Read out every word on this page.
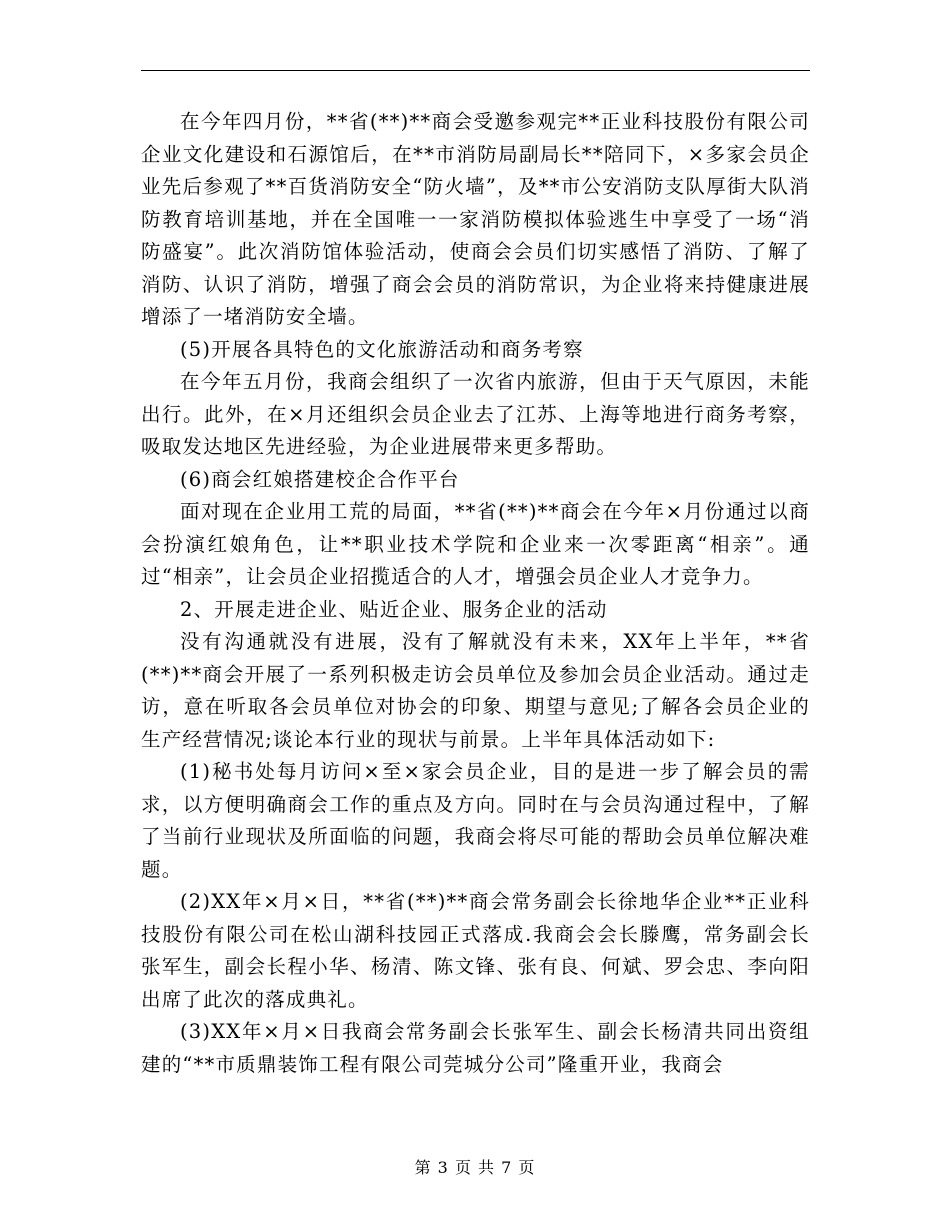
在今年四月份，**省(**)**商会受邀参观完**正业科技股份有限公司企业文化建设和石源馆后，在**市消防局副局长**陪同下，×多家会员企业先后参观了**百货消防安全“防火墙”，及**市公安消防支队厚街大队消防教育培训基地，并在全国唯一一家消防模拟体验逃生中享受了一场“消防盛宴”。此次消防馆体验活动，使商会会员们切实感悟了消防、了解了消防、认识了消防，增强了商会会员的消防常识，为企业将来持健康进展增添了一堵消防安全墙。

(5)开展各具特色的文化旅游活动和商务考察

在今年五月份，我商会组织了一次省内旅游，但由于天气原因，未能出行。此外，在×月还组织会员企业去了江苏、上海等地进行商务考察，吸取发达地区先进经验，为企业进展带来更多帮助。

(6)商会红娘搭建校企合作平台

面对现在企业用工荒的局面，**省(**)**商会在今年×月份通过以商会扮演红娘角色，让**职业技术学院和企业来一次零距离“相亲”。通过“相亲”，让会员企业招揽适合的人才，增强会员企业人才竞争力。

2、开展走进企业、贴近企业、服务企业的活动

没有沟通就没有进展，没有了解就没有未来，XX年上半年，**省(**)**商会开展了一系列积极走访会员单位及参加会员企业活动。通过走访，意在听取各会员单位对协会的印象、期望与意见;了解各会员企业的生产经营情况;谈论本行业的现状与前景。上半年具体活动如下:

(1)秘书处每月访问×至×家会员企业，目的是进一步了解会员的需求，以方便明确商会工作的重点及方向。同时在与会员沟通过程中，了解了当前行业现状及所面临的问题，我商会将尽可能的帮助会员单位解决难题。

(2)XX年×月×日，**省(**)**商会常务副会长徐地华企业**正业科技股份有限公司在松山湖科技园正式落成.我商会会长滕鹰，常务副会长张军生，副会长程小华、杨清、陈文锋、张有良、何斌、罗会忠、李向阳出席了此次的落成典礼。

(3)XX年×月×日我商会常务副会长张军生、副会长杨清共同出资组建的“**市质鼎装饰工程有限公司莞城分公司”隆重开业，我商会

第 3 页 共 7 页
